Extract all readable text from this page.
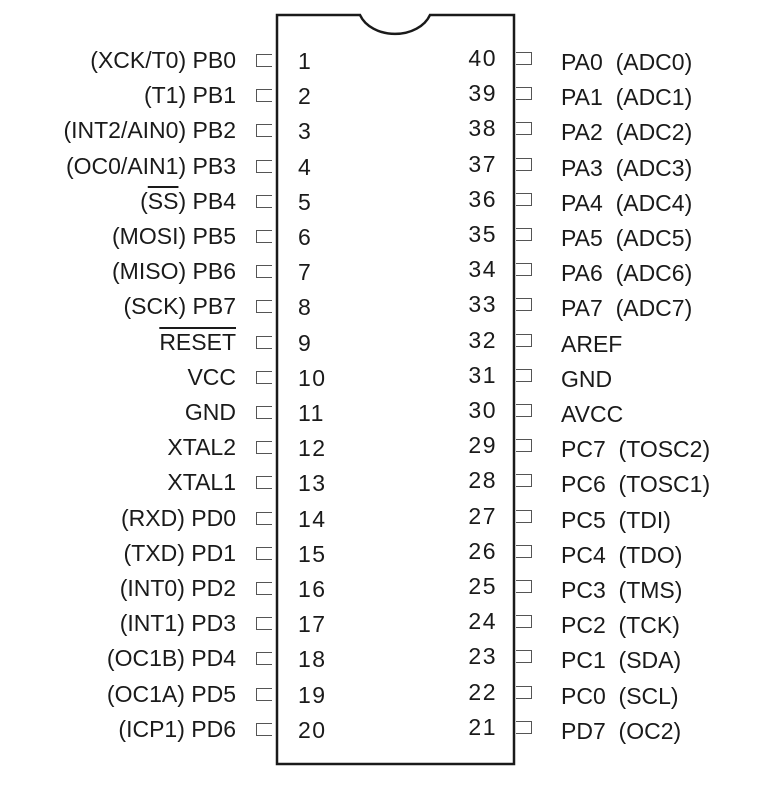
(XCK/T0) PB0	1
(T1) PB1	2
(INT2/AIN0) PB2	3
(OC0/AIN1) PB3	4
$(\overline{SS})$ PB4	5
(MOSI) PB5	6
(MISO) PB6	7
(SCK) PB7	8
RESET	9
VCC	10
GND	11
XTAL2	12
XTAL1	13
(RXD) PD0	14
(TXD) PD1	15
(INT0) PD2	16
(INT1) PD3	17
(OC1B) PD4	18
(OC1A) PD5	19
(ICP1) PD6	20
40	PA0 (ADC0)
39	PA1 (ADC1)
38	PA2 (ADC2)
37	PA3 (ADC3)
36	PA4 (ADC4)
35	PA5 (ADC5)
34	PA6 (ADC6)
33	PA7 (ADC7)
32	AREF
31	GND
30	AVCC
29	PC7 (TOSC2)
28	PC6 (TOSC1)
27	PC5 (TDI)
26	PC4 (TDO)
25	PC3 (TMS)
24	PC2 (TCK)
23	PC1 (SDA)
22	PC0 (SCL)
21	PD7 (OC2)
